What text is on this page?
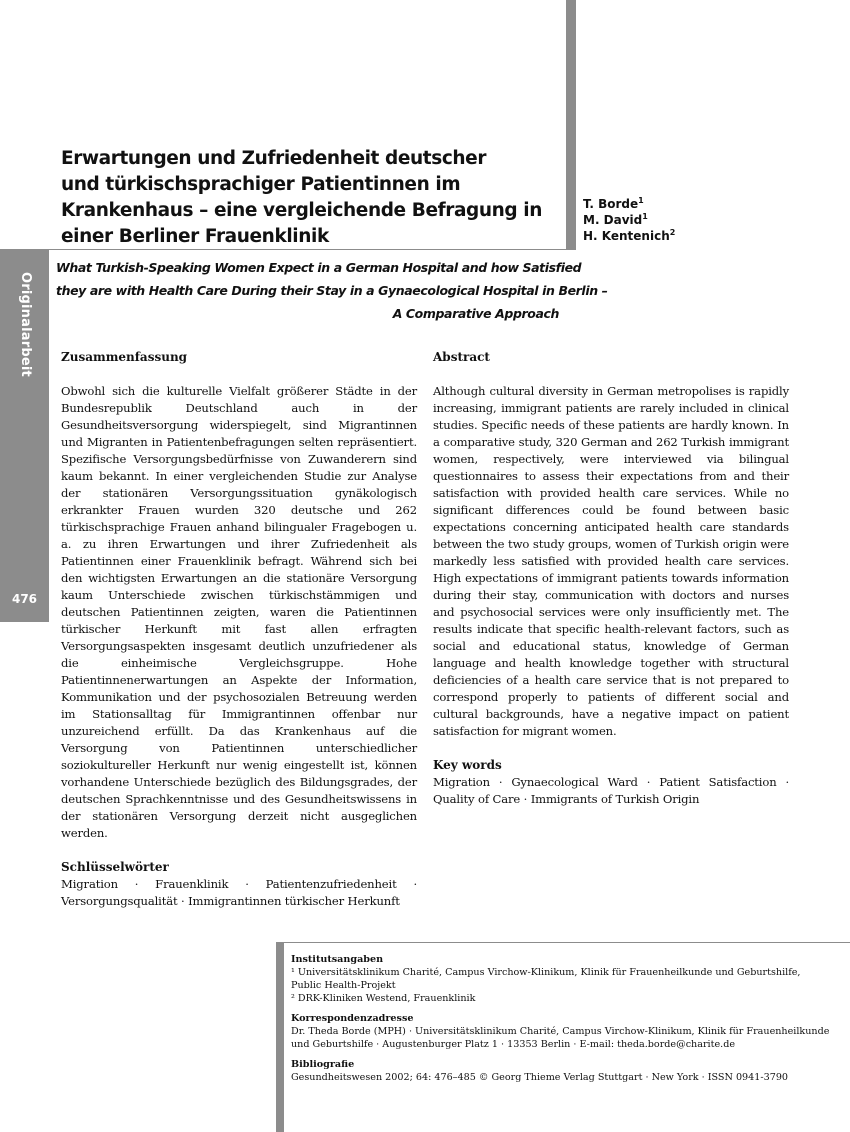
Originalarbeit
476
Erwartungen und Zufriedenheit deutscher
und türkischsprachiger Patientinnen im
Krankenhaus – eine vergleichende Befragung in
einer Berliner Frauenklinik
T. Borde$^1$
M. David$^1$
H. Kentenich$^2$
What Turkish-Speaking Women Expect in a German Hospital and how Satisfied
they are with Health Care During their Stay in a Gynaecological Hospital in Berlin –
A Comparative Approach

Zusammenfassung

Obwohl sich die kulturelle Vielfalt größerer Städte in der Bundesrepublik Deutschland auch in der Gesundheitsversorgung widerspiegelt, sind Migrantinnen und Migranten in Patientenbefragungen selten repräsentiert. Spezifische Versorgungsbedürfnisse von Zuwanderern sind kaum bekannt. In einer vergleichenden Studie zur Analyse der stationären Versorgungssituation gynäkologisch erkrankter Frauen wurden 320 deutsche und 262 türkischsprachige Frauen anhand bilingualer Fragebogen u. a. zu ihren Erwartungen und ihrer Zufriedenheit als Patientinnen einer Frauenklinik befragt. Während sich bei den wichtigsten Erwartungen an die stationäre Versorgung kaum Unterschiede zwischen türkischstämmigen und deutschen Patientinnen zeigten, waren die Patientinnen türkischer Herkunft mit fast allen erfragten Versorgungsaspekten insgesamt deutlich unzufriedener als die einheimische Vergleichsgruppe. Hohe Patientinnenerwartungen an Aspekte der Information, Kommunikation und der psychosozialen Betreuung werden im Stationsalltag für Immigrantinnen offenbar nur unzureichend erfüllt. Da das Krankenhaus auf die Versorgung von Patientinnen unterschiedlicher soziokultureller Herkunft nur wenig eingestellt ist, können vorhandene Unterschiede bezüglich des Bildungsgrades, der deutschen Sprachkenntnisse und des Gesundheitswissens in der stationären Versorgung derzeit nicht ausgeglichen werden.

Schlüsselwörter

Migration · Frauenklinik · Patientenzufriedenheit · Versorgungsqualität · Immigrantinnen türkischer Herkunft

Abstract

Although cultural diversity in German metropolises is rapidly increasing, immigrant patients are rarely included in clinical studies. Specific needs of these patients are hardly known. In a comparative study, 320 German and 262 Turkish immigrant women, respectively, were interviewed via bilingual questionnaires to assess their expectations from and their satisfaction with provided health care services. While no significant differences could be found between basic expectations concerning anticipated health care standards between the two study groups, women of Turkish origin were markedly less satisfied with provided health care services. High expectations of immigrant patients towards information during their stay, communication with doctors and nurses and psychosocial services were only insufficiently met. The results indicate that specific health-relevant factors, such as social and educational status, knowledge of German language and health knowledge together with structural deficiencies of a health care service that is not prepared to correspond properly to patients of different social and cultural backgrounds, have a negative impact on patient satisfaction for migrant women.

Key words

Migration · Gynaecological Ward · Patient Satisfaction · Quality of Care · Immigrants of Turkish Origin

Institutsangaben
¹ Universitätsklinikum Charité, Campus Virchow-Klinikum, Klinik für Frauenheilkunde und Geburtshilfe,
Public Health-Projekt
² DRK-Kliniken Westend, Frauenklinik
Korrespondenzadresse
Dr. Theda Borde (MPH) · Universitätsklinikum Charité, Campus Virchow-Klinikum, Klinik für Frauenheilkunde
und Geburtshilfe · Augustenburger Platz 1 · 13353 Berlin · E-mail: theda.borde@charite.de
Bibliografie
Gesundheitswesen 2002; 64: 476–485 © Georg Thieme Verlag Stuttgart · New York · ISSN 0941-3790
